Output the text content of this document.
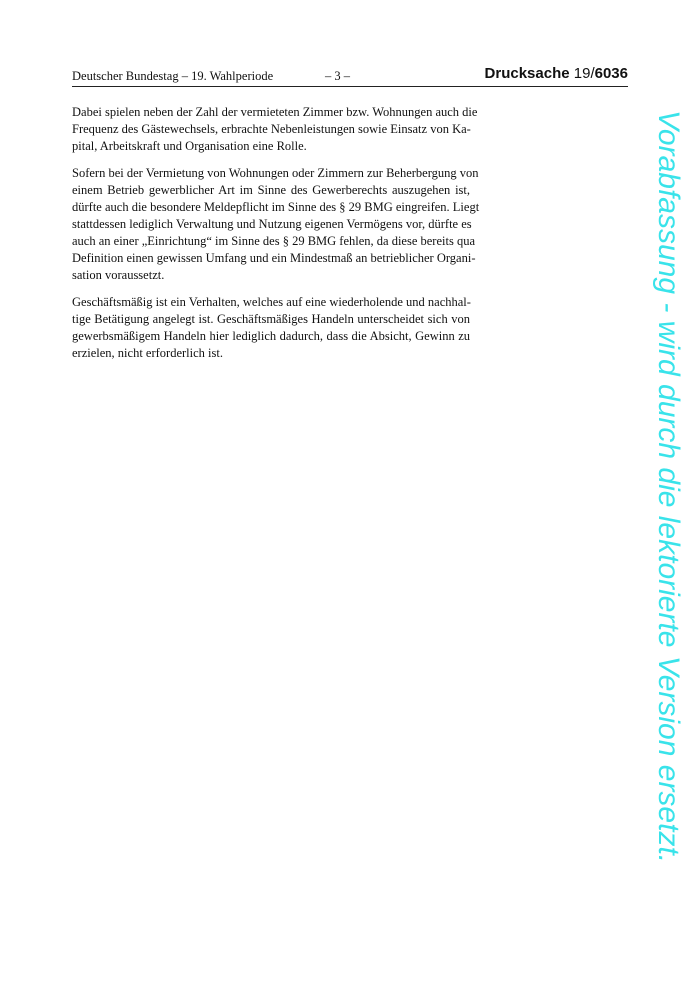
Deutscher Bundestag – 19. Wahlperiode	– 3 –	Drucksache 19/6036

Dabei spielen neben der Zahl der vermieteten Zimmer bzw. Wohnungen auch die
Frequenz des Gästewechsels, erbrachte Nebenleistungen sowie Einsatz von Ka-
pital, Arbeitskraft und Organisation eine Rolle.

Sofern bei der Vermietung von Wohnungen oder Zimmern zur Beherbergung von
einem Betrieb gewerblicher Art im Sinne des Gewerberechts auszugehen ist,
dürfte auch die besondere Meldepflicht im Sinne des § 29 BMG eingreifen. Liegt
stattdessen lediglich Verwaltung und Nutzung eigenen Vermögens vor, dürfte es
auch an einer „Einrichtung“ im Sinne des § 29 BMG fehlen, da diese bereits qua
Definition einen gewissen Umfang und ein Mindestmaß an betrieblicher Organi-
sation voraussetzt.

Geschäftsmäßig ist ein Verhalten, welches auf eine wiederholende und nachhal-
tige Betätigung angelegt ist. Geschäftsmäßiges Handeln unterscheidet sich von
gewerbsmäßigem Handeln hier lediglich dadurch, dass die Absicht, Gewinn zu
erzielen, nicht erforderlich ist.	Vorabfassung - wird durch die lektorierte Version ersetzt.
